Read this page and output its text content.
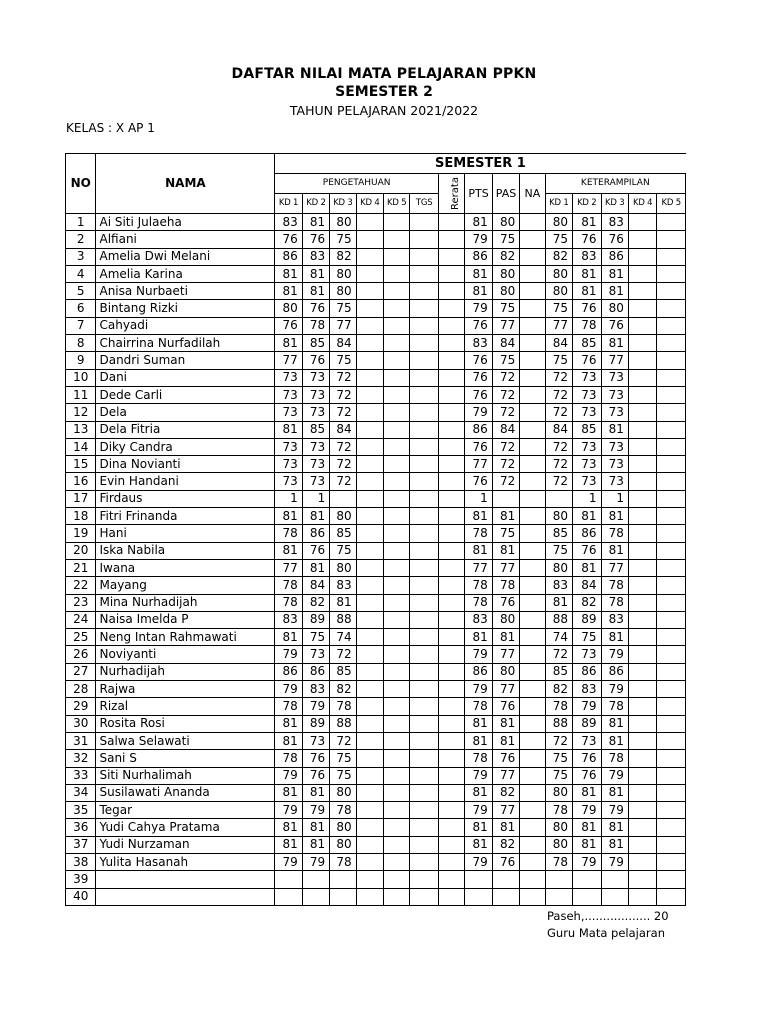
DAFTAR NILAI MATA PELAJARAN PPKN
SEMESTER 2
TAHUN PELAJARAN 2021/2022
KELAS : X AP 1
NO	NAMA	SEMESTER 1														
		PENGETAHUAN						Rerata	PTS	PAS	NA	KETERAMPILAN				
		KD 1	KD 2	KD 3	KD 4	KD 5	TGS					KD 1	KD 2	KD 3	KD 4	KD 5
1	Ai Siti Julaeha	83	81	80					81	80		80	81	83		
2	Alfiani	76	76	75					79	75		75	76	76		
3	Amelia Dwi Melani	86	83	82					86	82		82	83	86		
4	Amelia Karina	81	81	80					81	80		80	81	81		
5	Anisa Nurbaeti	81	81	80					81	80		80	81	81		
6	Bintang Rizki	80	76	75					79	75		75	76	80		
7	Cahyadi	76	78	77					76	77		77	78	76		
8	Chairrina Nurfadilah	81	85	84					83	84		84	85	81		
9	Dandri Suman	77	76	75					76	75		75	76	77		
10	Dani	73	73	72					76	72		72	73	73		
11	Dede Carli	73	73	72					76	72		72	73	73		
12	Dela	73	73	72					79	72		72	73	73		
13	Dela Fitria	81	85	84					86	84		84	85	81		
14	Diky Candra	73	73	72					76	72		72	73	73		
15	Dina Novianti	73	73	72					77	72		72	73	73		
16	Evin Handani	73	73	72					76	72		72	73	73		
17	Firdaus	1	1						1				1	1		
18	Fitri Frinanda	81	81	80					81	81		80	81	81		
19	Hani	78	86	85					78	75		85	86	78		
20	Iska Nabila	81	76	75					81	81		75	76	81		
21	Iwana	77	81	80					77	77		80	81	77		
22	Mayang	78	84	83					78	78		83	84	78		
23	Mina Nurhadijah	78	82	81					78	76		81	82	78		
24	Naisa Imelda P	83	89	88					83	80		88	89	83		
25	Neng Intan Rahmawati	81	75	74					81	81		74	75	81		
26	Noviyanti	79	73	72					79	77		72	73	79		
27	Nurhadijah	86	86	85					86	80		85	86	86		
28	Rajwa	79	83	82					79	77		82	83	79		
29	Rizal	78	79	78					78	76		78	79	78		
30	Rosita Rosi	81	89	88					81	81		88	89	81		
31	Salwa Selawati	81	73	72					81	81		72	73	81		
32	Sani S	78	76	75					78	76		75	76	78		
33	Siti Nurhalimah	79	76	75					79	77		75	76	79		
34	Susilawati Ananda	81	81	80					81	82		80	81	81		
35	Tegar	79	79	78					79	77		78	79	79		
36	Yudi Cahya Pratama	81	81	80					81	81		80	81	81		
37	Yudi Nurzaman	81	81	80					81	82		80	81	81		
38	Yulita Hasanah	79	79	78					79	76		78	79	79		
39																
40																
Paseh,.................. 20
Guru Mata pelajaran
